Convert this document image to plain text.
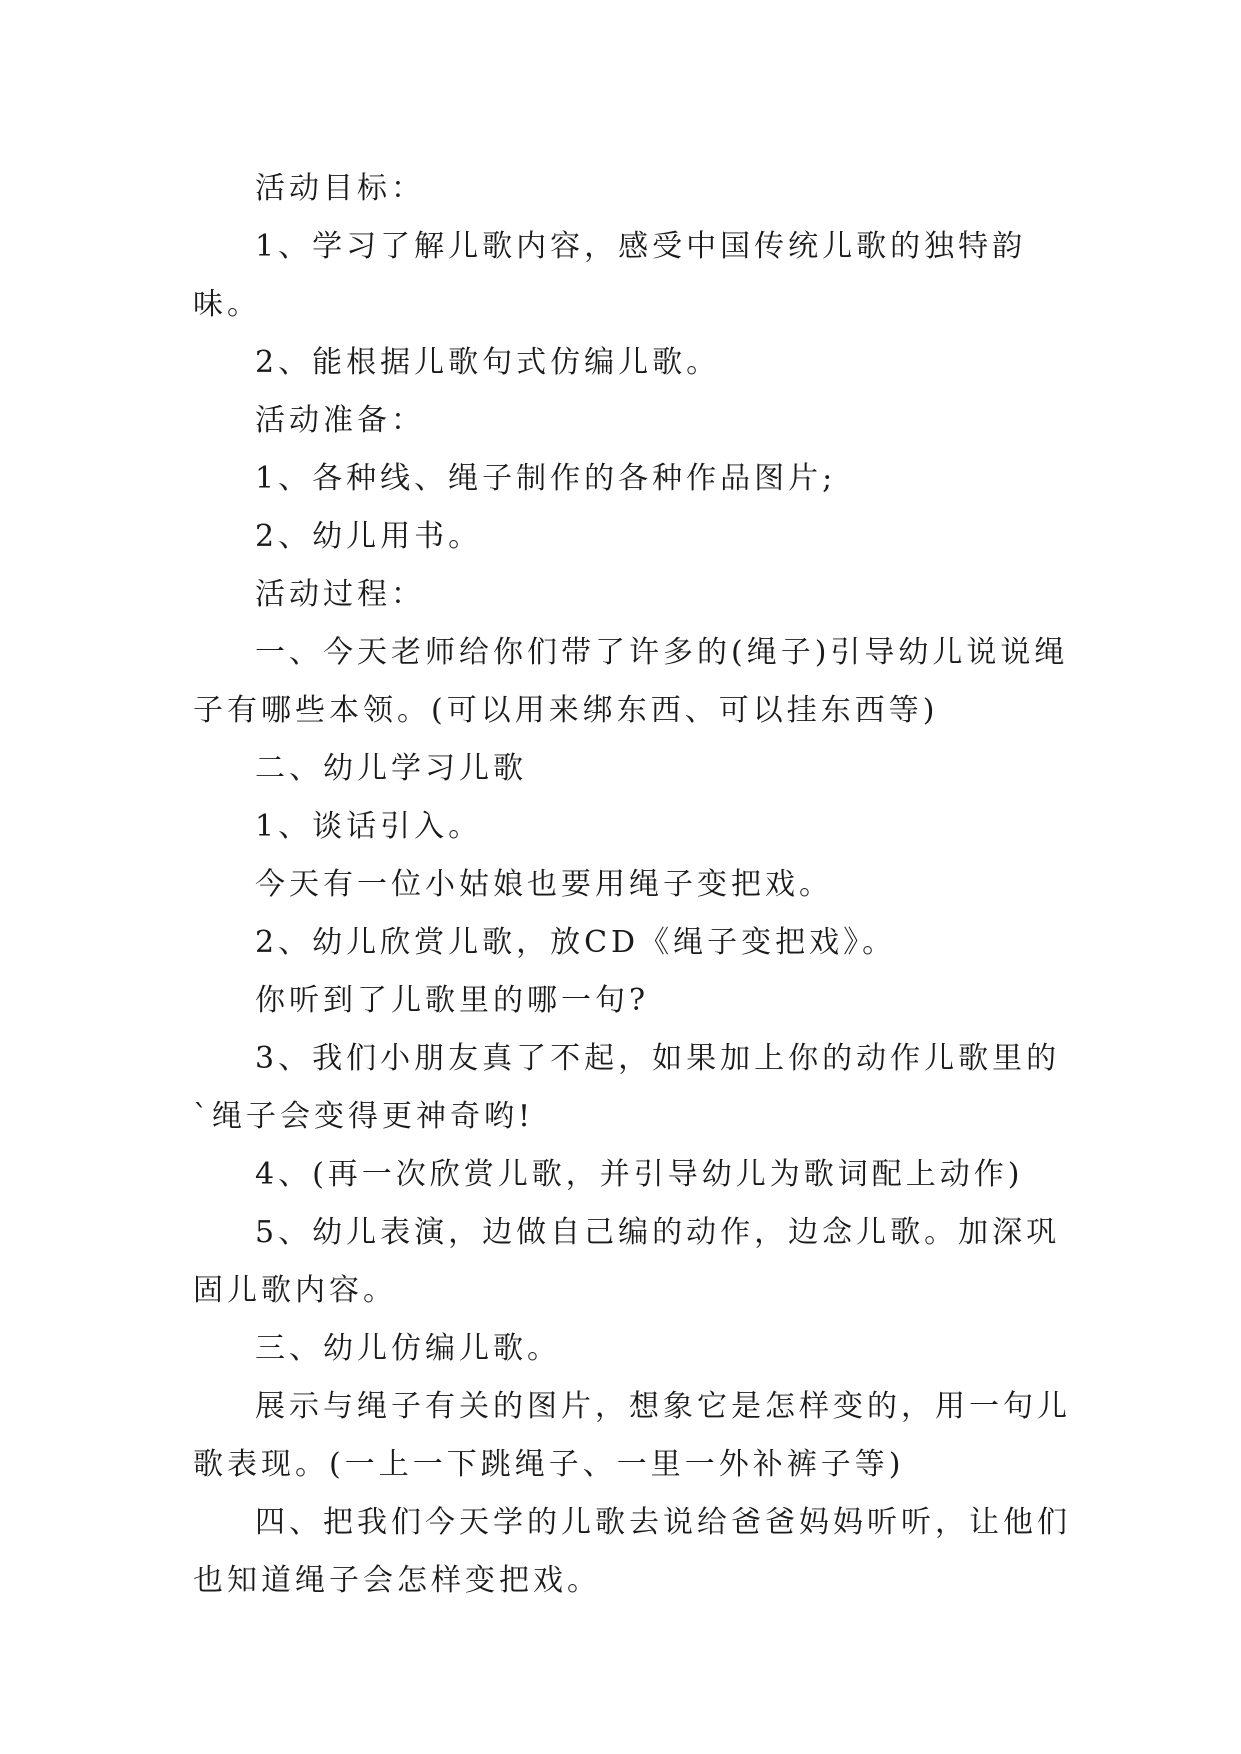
活动目标：

1、学习了解儿歌内容，感受中国传统儿歌的独特韵味。

2、能根据儿歌句式仿编儿歌。

活动准备：

1、各种线、绳子制作的各种作品图片;

2、幼儿用书。

活动过程：

一、今天老师给你们带了许多的(绳子)引导幼儿说说绳子有哪些本领。(可以用来绑东西、可以挂东西等)

二、幼儿学习儿歌

1、谈话引入。

今天有一位小姑娘也要用绳子变把戏。

2、幼儿欣赏儿歌，放CD《绳子变把戏》。

你听到了儿歌里的哪一句?

3、我们小朋友真了不起，如果加上你的动作儿歌里的`绳子会变得更神奇哟!

4、(再一次欣赏儿歌，并引导幼儿为歌词配上动作)

5、幼儿表演，边做自己编的动作，边念儿歌。加深巩固儿歌内容。

三、幼儿仿编儿歌。

展示与绳子有关的图片，想象它是怎样变的，用一句儿歌表现。(一上一下跳绳子、一里一外补裤子等)

四、把我们今天学的儿歌去说给爸爸妈妈听听，让他们也知道绳子会怎样变把戏。
